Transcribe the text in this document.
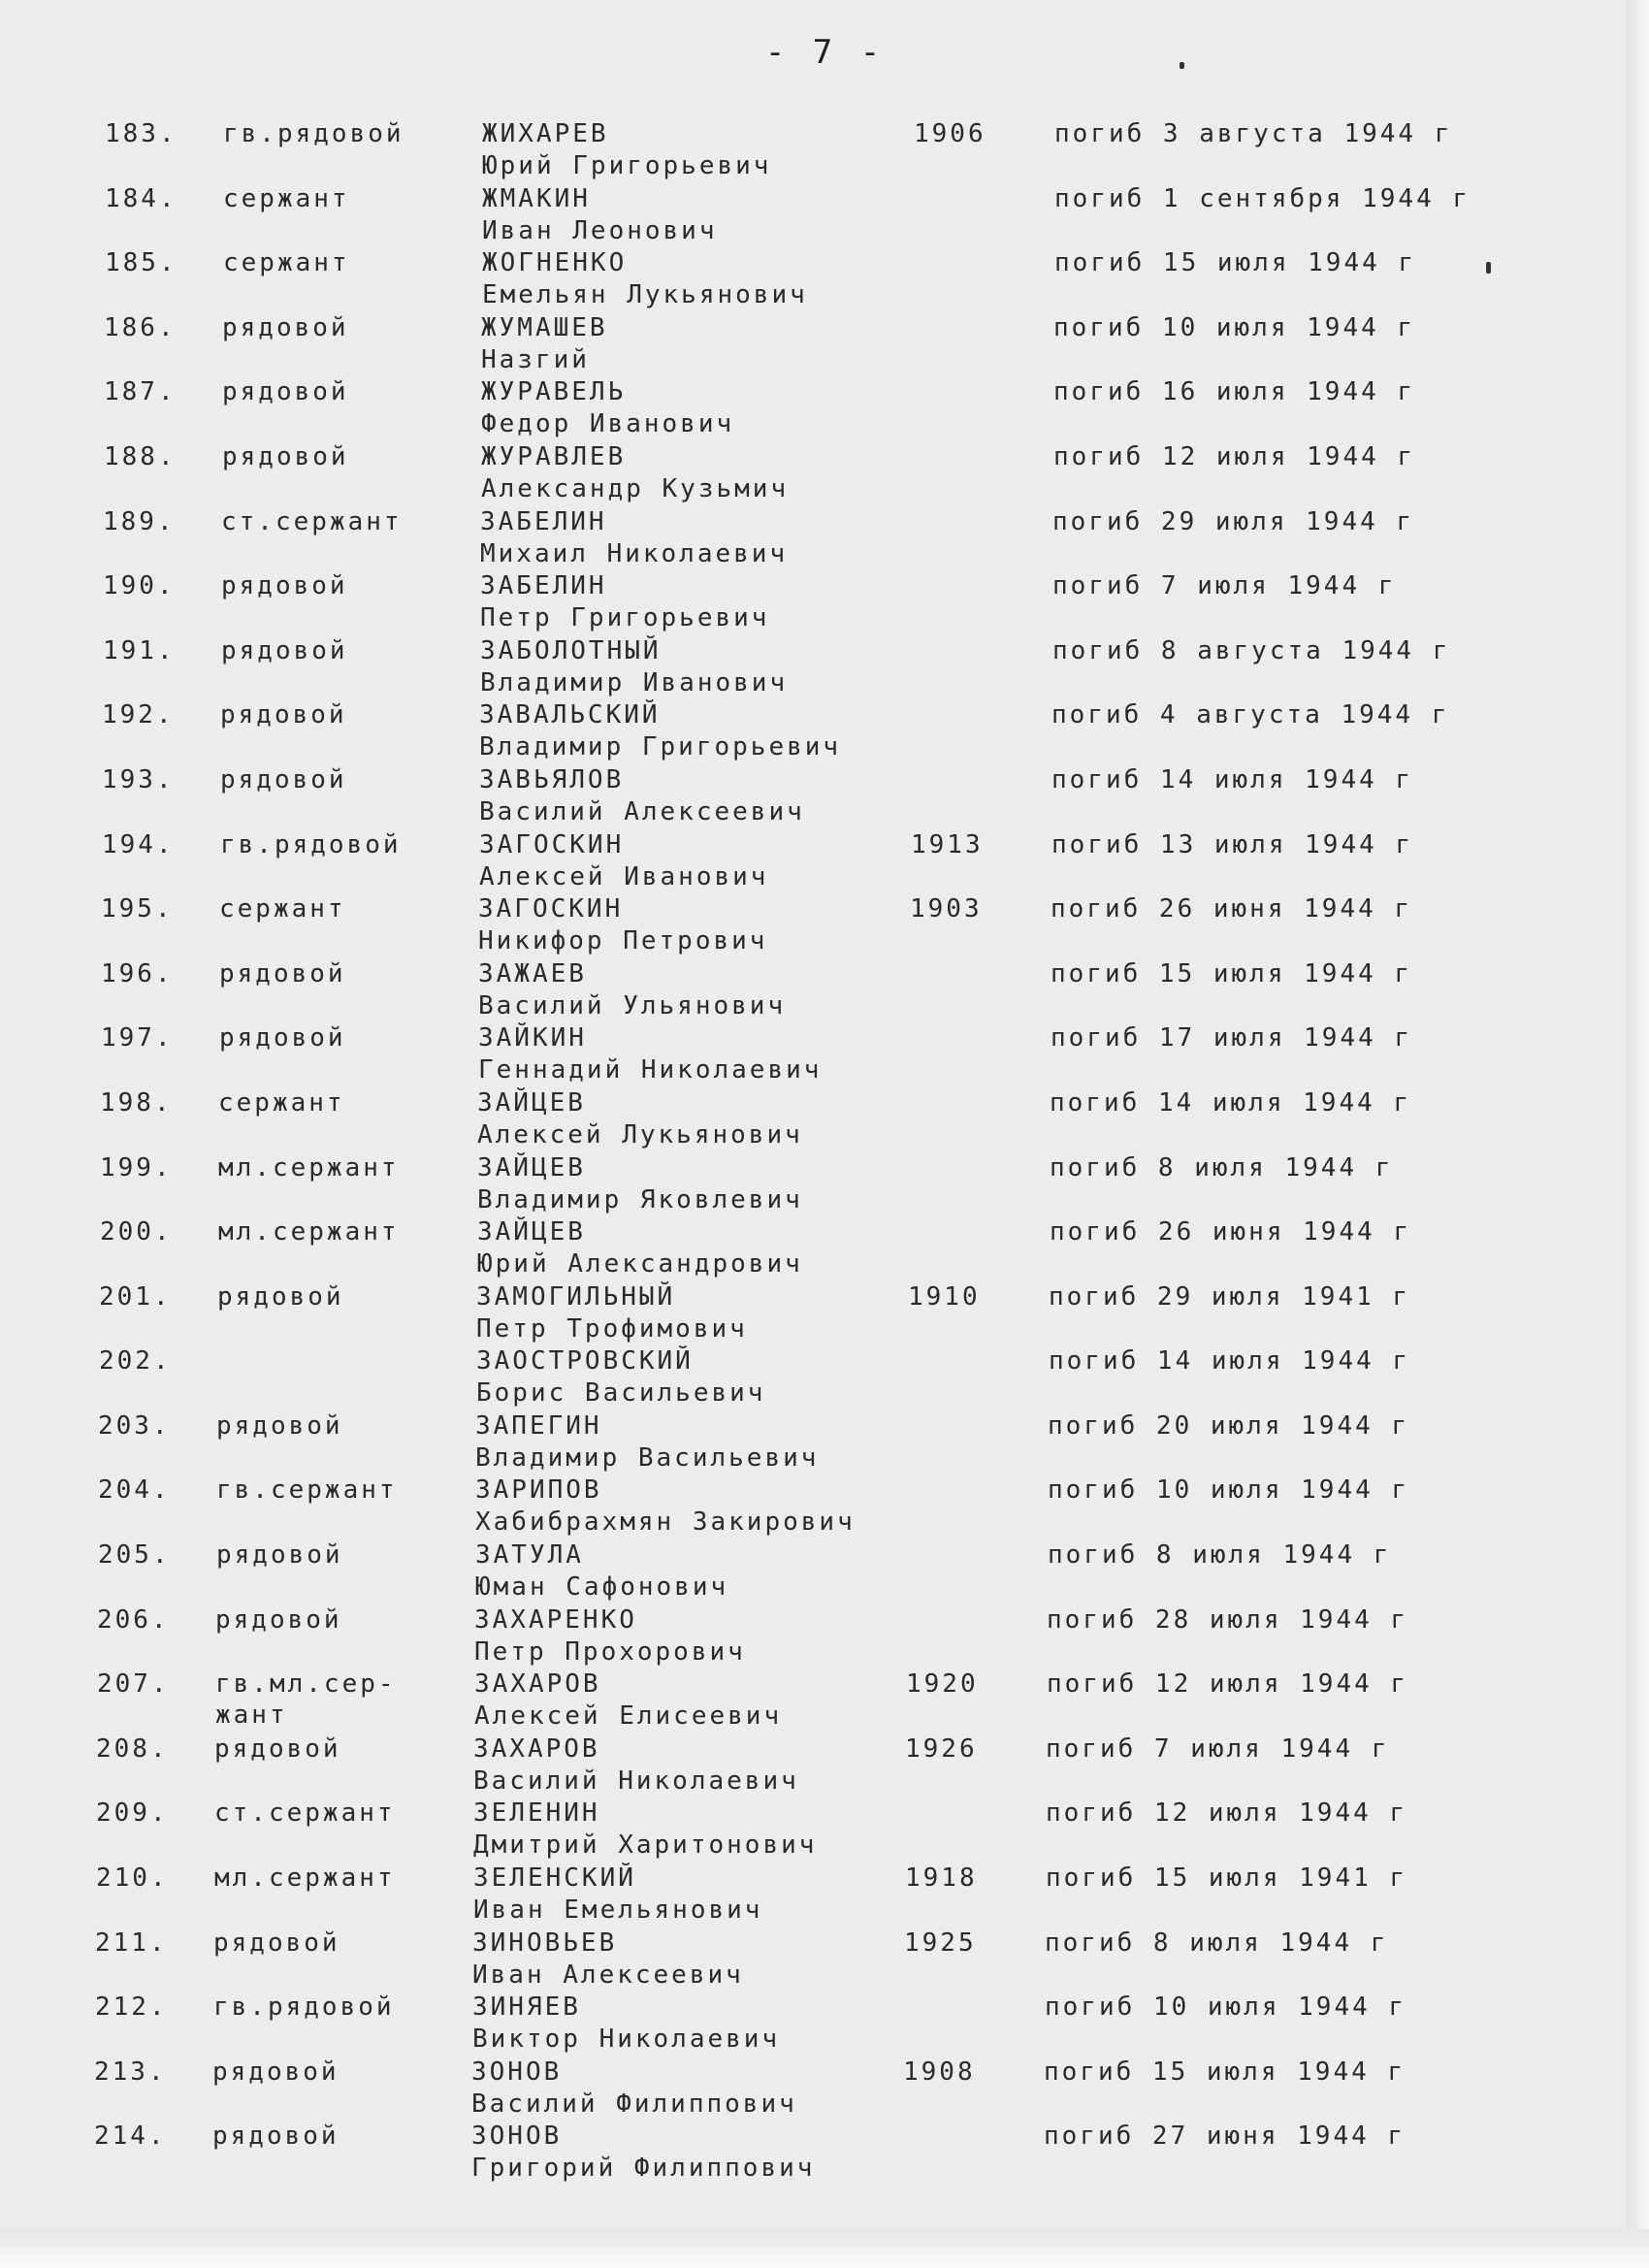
- 7 -
183. гв.рядовой	ЖИХАРЕВ
Юрий Григорьевич
1906	погиб 3 августа 1944 г
184. сержант	ЖМАКИН
Иван Леонович
погиб 1 сентября 1944 г
185. сержант	ЖОГНЕНКО
Емельян Лукьянович
погиб 15 июля 1944 г
186. рядовой	ЖУМАШЕВ
Назгий
погиб 10 июля 1944 г
187. рядовой	ЖУРАВЕЛЬ
Федор Иванович
погиб 16 июля 1944 г
188. рядовой	ЖУРАВЛЕВ
Александр Кузьмич
погиб 12 июля 1944 г
189. ст.сержант	ЗАБЕЛИН
Михаил Николаевич
погиб 29 июля 1944 г
190. рядовой	ЗАБЕЛИН
Петр Григорьевич
погиб 7 июля 1944 г
191. рядовой	ЗАБОЛОТНЫЙ
Владимир Иванович
погиб 8 августа 1944 г
192. рядовой	ЗАВАЛЬСКИЙ
Владимир Григорьевич
погиб 4 августа 1944 г
193. рядовой	ЗАВЬЯЛОВ
Василий Алексеевич
погиб 14 июля 1944 г
194. гв.рядовой	ЗАГОСКИН
Алексей Иванович
1913	погиб 13 июля 1944 г
195. сержант	ЗАГОСКИН
Никифор Петрович
1903	погиб 26 июня 1944 г
196. рядовой	ЗАЖАЕВ
Василий Ульянович
погиб 15 июля 1944 г
197. рядовой	ЗАЙКИН
Геннадий Николаевич
погиб 17 июля 1944 г
198. сержант	ЗАЙЦЕВ
Алексей Лукьянович
погиб 14 июля 1944 г
199. мл.сержант	ЗАЙЦЕВ
Владимир Яковлевич
погиб 8 июля 1944 г
200. мл.сержант	ЗАЙЦЕВ
Юрий Александрович
погиб 26 июня 1944 г
201. рядовой	ЗАМОГИЛЬНЫЙ
Петр Трофимович
1910	погиб 29 июля 1941 г
202.	ЗАОСТРОВСКИЙ
Борис Васильевич
погиб 14 июля 1944 г
203. рядовой	ЗАПЕГИН
Владимир Васильевич
погиб 20 июля 1944 г
204. гв.сержант	ЗАРИПОВ
Хабибрахмян Закирович
погиб 10 июля 1944 г
205. рядовой	ЗАТУЛА
Юман Сафонович
погиб 8 июля 1944 г
206. рядовой	ЗАХАРЕНКО
Петр Прохорович
погиб 28 июля 1944 г
207. гв.мл.сер-
жант
ЗАХАРОВ
Алексей Елисеевич
1920	погиб 12 июля 1944 г
208. рядовой	ЗАХАРОВ
Василий Николаевич
1926	погиб 7 июля 1944 г
209. ст.сержант	ЗЕЛЕНИН
Дмитрий Харитонович
погиб 12 июля 1944 г
210. мл.сержант	ЗЕЛЕНСКИЙ
Иван Емельянович
1918	погиб 15 июля 1941 г
211. рядовой	ЗИНОВЬЕВ
Иван Алексеевич
1925	погиб 8 июля 1944 г
212. гв.рядовой	ЗИНЯЕВ
Виктор Николаевич
погиб 10 июля 1944 г
213. рядовой	ЗОНОВ
Василий Филиппович
1908	погиб 15 июля 1944 г
214. рядовой	ЗОНОВ
Григорий Филиппович
погиб 27 июня 1944 г
